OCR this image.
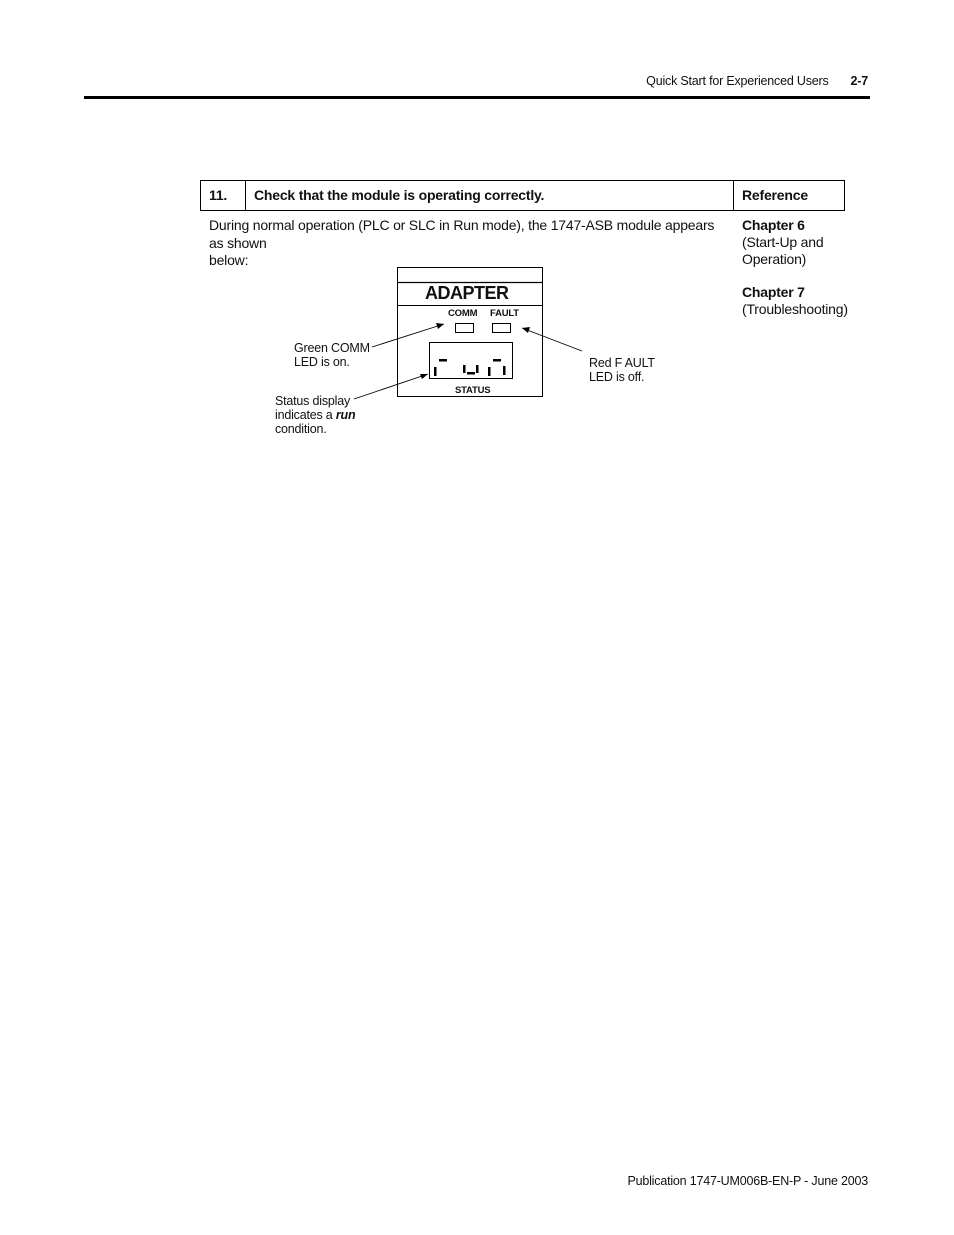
Quick Start for Experienced Users 2-7
11.	Check that the module is operating correctly.	Reference
During normal operation (PLC or SLC in Run mode), the 1747-ASB module appears as shown
below:
Chapter 6
(Start-Up and
Operation)
Chapter 7
(Troubleshooting)
ADAPTER
COMM FAULT
STATUS
Green COMM
LED is on.	Red F AULT
LED is off.
Status display
indicates a run
condition.
Publication 1747-UM006B-EN-P - June 2003
